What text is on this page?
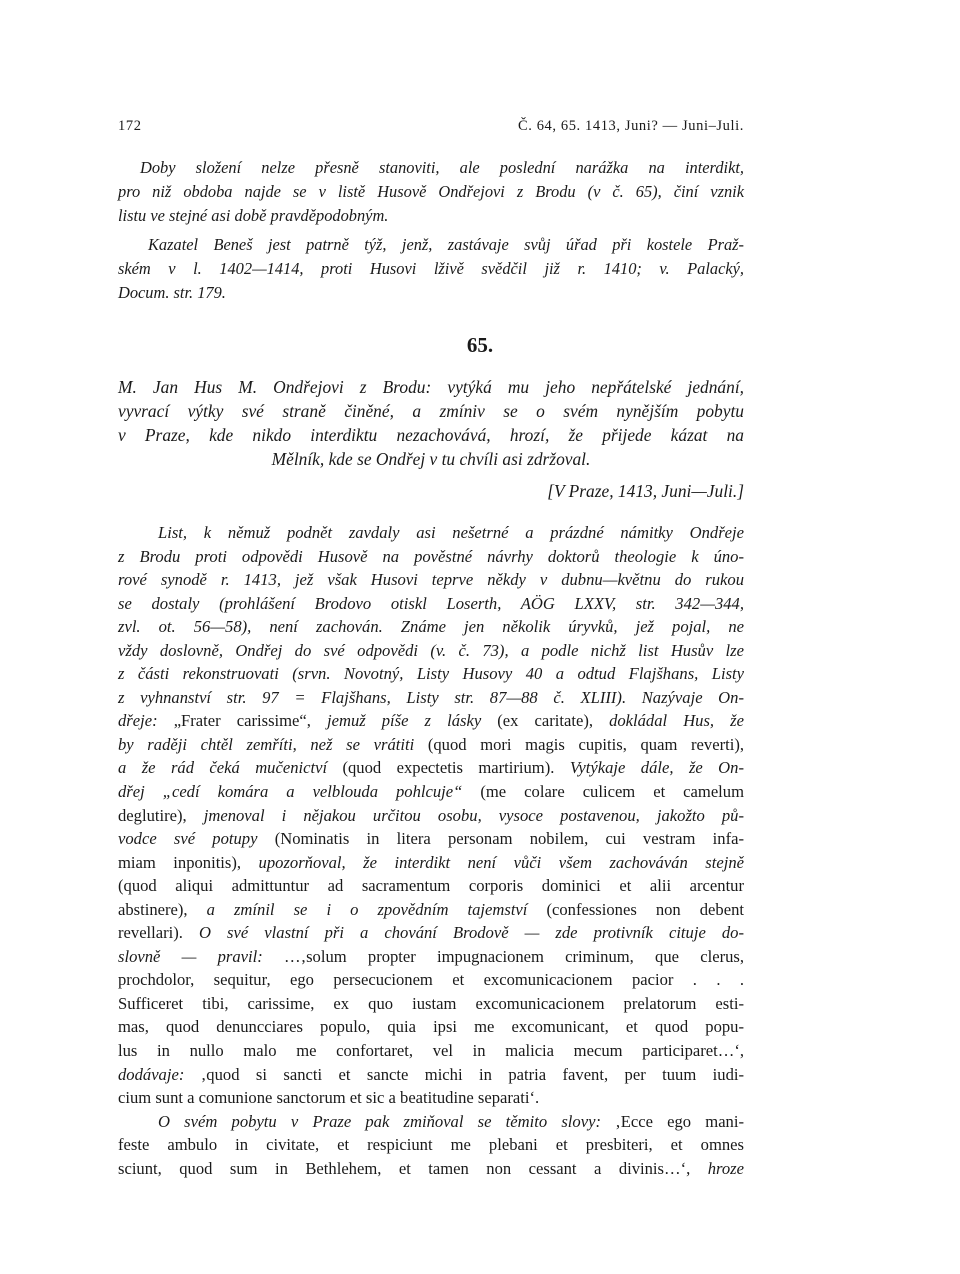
172	Č. 64, 65. 1413, Juni? — Juni–Juli.
Doby složení nelze přesně stanoviti, ale poslední narážka na interdikt,
pro niž obdoba najde se v listě Husově Ondřejovi z Brodu (v č. 65), činí vznik
listu ve stejné asi době pravděpodobným.
Kazatel Beneš jest patrně týž, jenž, zastávaje svůj úřad při kostele Praž-
ském v l. 1402—1414, proti Husovi lživě svědčil již r. 1410; v. Palacký,
Docum. str. 179.
65.
M. Jan Hus M. Ondřejovi z Brodu: vytýká mu jeho nepřátelské jednání,
vyvrací výtky své straně činěné, a zmíniv se o svém nynějším pobytu
v Praze, kde nikdo interdiktu nezachovává, hrozí, že přijede kázat na
Mělník, kde se Ondřej v tu chvíli asi zdržoval.
[V Praze, 1413, Juni—Juli.]
List, k němuž podnět zavdaly asi nešetrné a prázdné námitky Ondřeje
z Brodu proti odpovědi Husově na pověstné návrhy doktorů theologie k úno-
rové synodě r. 1413, jež však Husovi teprve někdy v dubnu—květnu do rukou
se dostaly (prohlášení Brodovo otiskl Loserth, AÖG LXXV, str. 342—344,
zvl. ot. 56—58), není zachován. Známe jen několik úryvků, jež pojal, ne
vždy doslovně, Ondřej do své odpovědi (v. č. 73), a podle nichž list Husův lze
z části rekonstruovati (srvn. Novotný, Listy Husovy 40 a odtud Flajšhans, Listy
z vyhnanství str. 97 = Flajšhans, Listy str. 87—88 č. XLIII). Nazývaje On-
dřeje: „Frater carissime“, jemuž píše z lásky (ex caritate), dokládal Hus, že
by raději chtěl zemříti, než se vrátiti (quod mori magis cupitis, quam reverti),
a že rád čeká mučenictví (quod expectetis martirium). Vytýkaje dále, že On-
dřej „cedí komára a velblouda pohlcuje“ (me colare culicem et camelum
deglutire), jmenoval i nějakou určitou osobu, vysoce postavenou, jakožto pů-
vodce své potupy (Nominatis in litera personam nobilem, cui vestram infa-
miam inponitis), upozorňoval, že interdikt není vůči všem zachováván stejně
(quod aliqui admittuntur ad sacramentum corporis dominici et alii arcentur
abstinere), a zmínil se i o zpovědním tajemství (confessiones non debent
revellari). O své vlastní při a chování Brodově — zde protivník cituje do-
slovně — pravil: …‚solum propter impugnacionem criminum, que clerus,
prochdolor, sequitur, ego persecucionem et excomunicacionem pacior . . .
Sufficeret tibi, carissime, ex quo iustam excomunicacionem prelatorum esti-
mas, quod denuncciares populo, quia ipsi me excomunicant, et quod popu-
lus in nullo malo me confortaret, vel in malicia mecum participaret…‘,
dodávaje: ‚quod si sancti et sancte michi in patria favent, per tuum iudi-
cium sunt a comunione sanctorum et sic a beatitudine separati‘.
O svém pobytu v Praze pak zmiňoval se těmito slovy: ‚Ecce ego mani-
feste ambulo in civitate, et respiciunt me plebani et presbiteri, et omnes
sciunt, quod sum in Bethlehem, et tamen non cessant a divinis…‘, hroze
